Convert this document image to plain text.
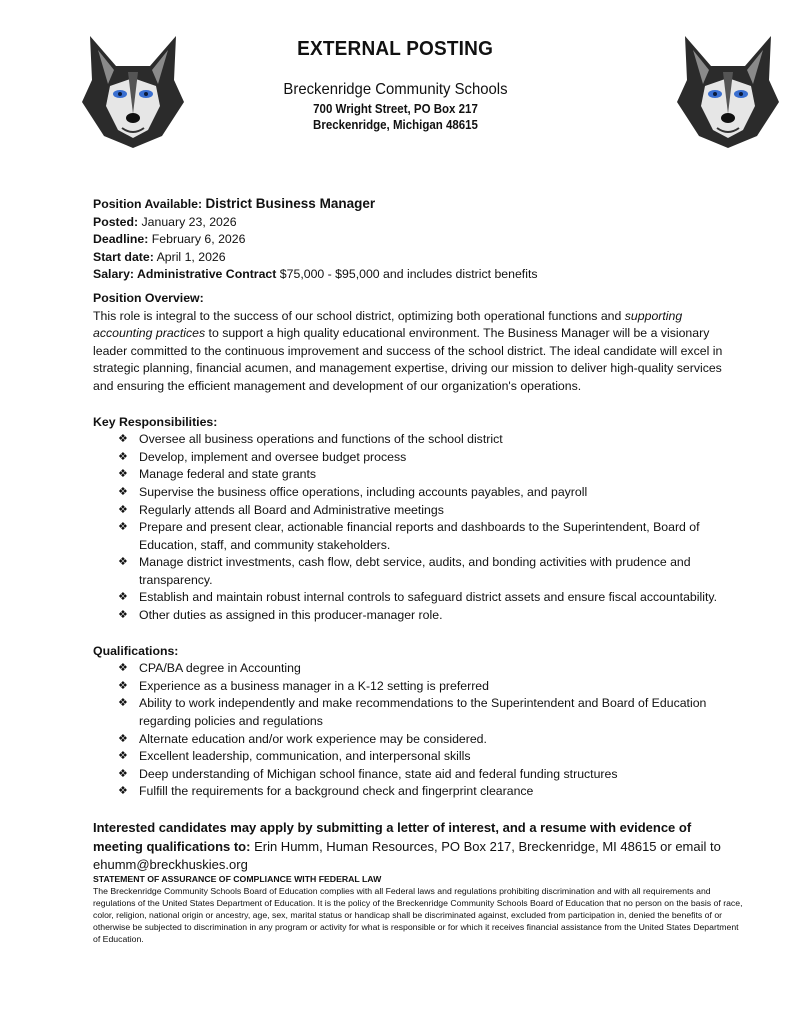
EXTERNAL POSTING
Breckenridge Community Schools
700 Wright Street, PO Box 217
Breckenridge, Michigan 48615
Position Available: District Business Manager
Posted: January 23, 2026
Deadline: February 6, 2026
Start date: April 1, 2026
Salary: Administrative Contract $75,000 - $95,000 and includes district benefits
Position Overview:
This role is integral to the success of our school district, optimizing both operational functions and supporting accounting practices to support a high quality educational environment. The Business Manager will be a visionary leader committed to the continuous improvement and success of the school district. The ideal candidate will excel in strategic planning, financial acumen, and management expertise, driving our mission to deliver high-quality services and ensuring the efficient management and development of our organization's operations.
Key Responsibilities:
❖ Oversee all business operations and functions of the school district
❖ Develop, implement and oversee budget process
❖ Manage federal and state grants
❖ Supervise the business office operations, including accounts payables, and payroll
❖ Regularly attends all Board and Administrative meetings
❖ Prepare and present clear, actionable financial reports and dashboards to the Superintendent, Board of Education, staff, and community stakeholders.
❖ Manage district investments, cash flow, debt service, audits, and bonding activities with prudence and transparency.
❖ Establish and maintain robust internal controls to safeguard district assets and ensure fiscal accountability.
❖ Other duties as assigned in this producer-manager role.
Qualifications:
❖ CPA/BA degree in Accounting
❖ Experience as a business manager in a K-12 setting is preferred
❖ Ability to work independently and make recommendations to the Superintendent and Board of Education regarding policies and regulations
❖ Alternate education and/or work experience may be considered.
❖ Excellent leadership, communication, and interpersonal skills
❖ Deep understanding of Michigan school finance, state aid and federal funding structures
❖ Fulfill the requirements for a background check and fingerprint clearance
Interested candidates may apply by submitting a letter of interest, and a resume with evidence of meeting qualifications to: Erin Humm, Human Resources, PO Box 217, Breckenridge, MI 48615 or email to ehumm@breckhuskies.org
STATEMENT OF ASSURANCE OF COMPLIANCE WITH FEDERAL LAW
The Breckenridge Community Schools Board of Education complies with all Federal laws and regulations prohibiting discrimination and with all requirements and regulations of the United States Department of Education. It is the policy of the Breckenridge Community Schools Board of Education that no person on the basis of race, color, religion, national origin or ancestry, age, sex, marital status or handicap shall be discriminated against, excluded from participation in, denied the benefits of or otherwise be subjected to discrimination in any program or activity for what is responsible or for which it receives financial assistance from the United States Department of Education.
